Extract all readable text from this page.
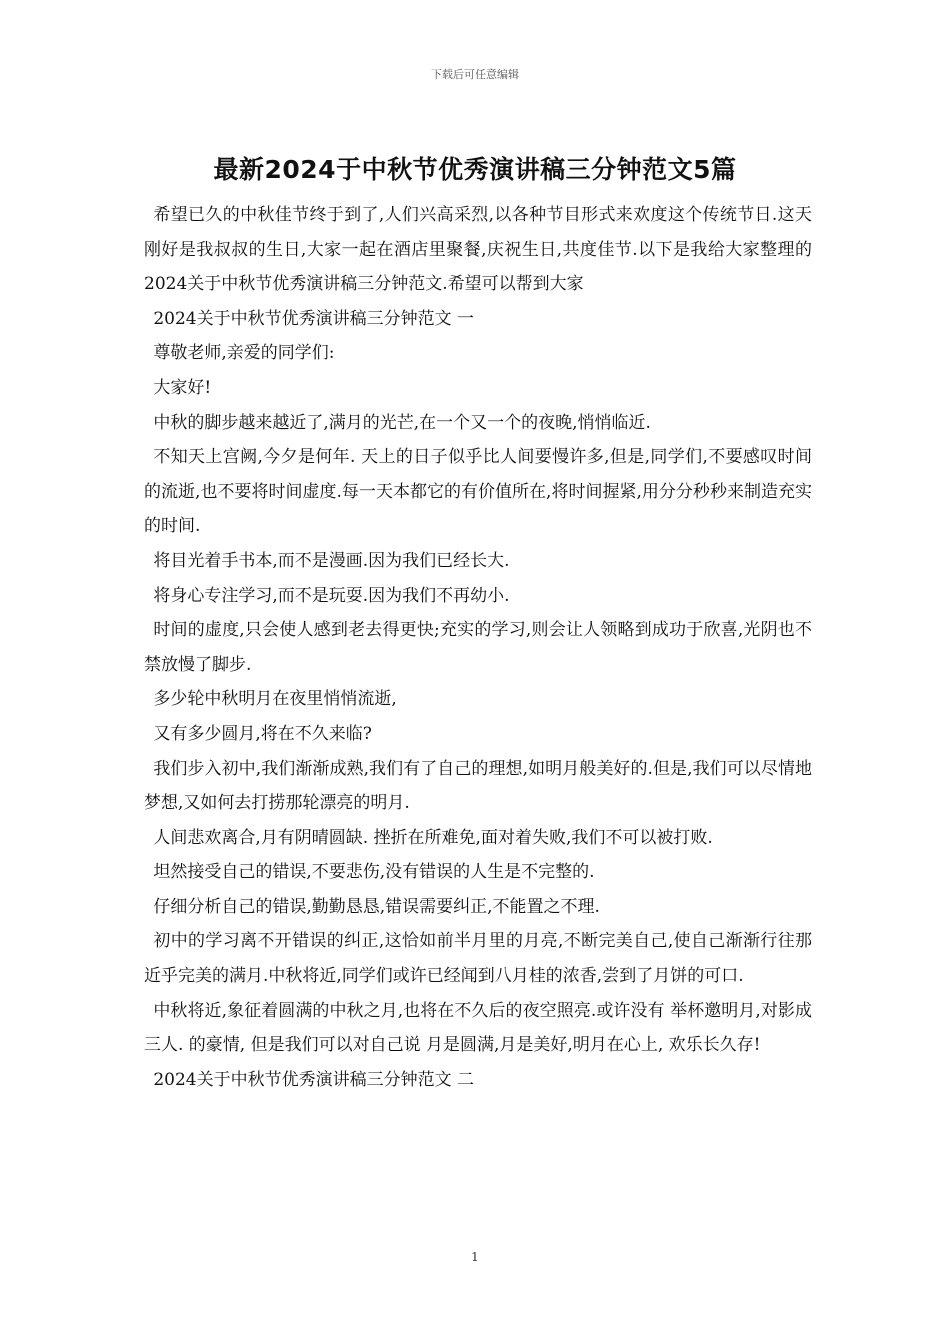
下载后可任意编辑
最新2024于中秋节优秀演讲稿三分钟范文5篇

希望已久的中秋佳节终于到了,人们兴高采烈,以各种节目形式来欢度这个传统节日.这天刚好是我叔叔的生日,大家一起在酒店里聚餐,庆祝生日,共度佳节.以下是我给大家整理的2024关于中秋节优秀演讲稿三分钟范文.希望可以帮到大家

2024关于中秋节优秀演讲稿三分钟范文 一

尊敬老师,亲爱的同学们:

大家好!

中秋的脚步越来越近了,满月的光芒,在一个又一个的夜晚,悄悄临近.

不知天上宫阙,今夕是何年. 天上的日子似乎比人间要慢许多,但是,同学们,不要感叹时间的流逝,也不要将时间虚度.每一天本都它的有价值所在,将时间握紧,用分分秒秒来制造充实的时间.

将目光着手书本,而不是漫画.因为我们已经长大.

将身心专注学习,而不是玩耍.因为我们不再幼小.

时间的虚度,只会使人感到老去得更快;充实的学习,则会让人领略到成功于欣喜,光阴也不禁放慢了脚步.

多少轮中秋明月在夜里悄悄流逝,

又有多少圆月,将在不久来临?

我们步入初中,我们渐渐成熟,我们有了自己的理想,如明月般美好的.但是,我们可以尽情地梦想,又如何去打捞那轮漂亮的明月.

人间悲欢离合,月有阴晴圆缺. 挫折在所难免,面对着失败,我们不可以被打败.

坦然接受自己的错误,不要悲伤,没有错误的人生是不完整的.

仔细分析自己的错误,勤勤恳恳,错误需要纠正,不能置之不理.

初中的学习离不开错误的纠正,这恰如前半月里的月亮,不断完美自己,使自己渐渐行往那近乎完美的满月.中秋将近,同学们或许已经闻到八月桂的浓香,尝到了月饼的可口.

中秋将近,象征着圆满的中秋之月,也将在不久后的夜空照亮.或许没有 举杯邀明月,对影成三人. 的豪情, 但是我们可以对自己说 月是圆满,月是美好,明月在心上, 欢乐长久存!

2024关于中秋节优秀演讲稿三分钟范文 二

1
